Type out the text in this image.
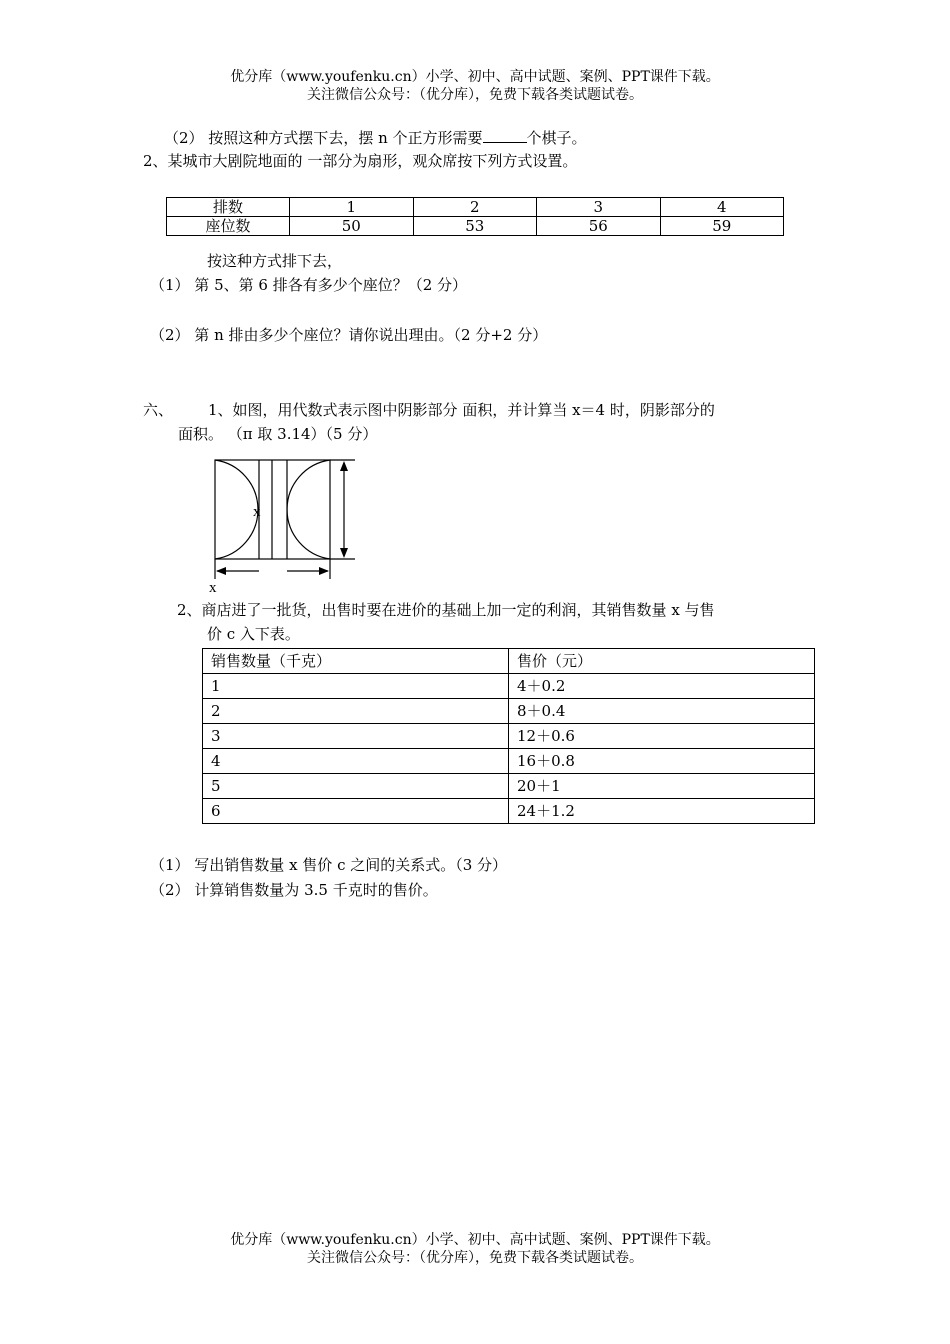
优分库（www.youfenku.cn）小学、初中、高中试题、案例、PPT课件下载。
关注微信公众号：（优分库），免费下载各类试题试卷。
（2） 按照这种方式摆下去，摆 n 个正方形需要	个棋子。
2、某城市大剧院地面的 一部分为扇形，观众席按下列方式设置。
排数	1	2	3	4
座位数	50	53	56	59
按这种方式排下去，
（1） 第 5、第 6 排各有多少个座位？（2 分）
（2） 第 n 排由多少个座位？请你说出理由。（2 分+2 分）
六、 1、如图，用代数式表示图中阴影部分 面积，并计算当 x＝4 时，阴影部分的
面积。 （π 取 3.14）（5 分）
x
x
2、商店进了一批货，出售时要在进价的基础上加一定的利润，其销售数量 x 与售
价 c 入下表。
销售数量（千克）	售价（元）
1	4＋0.2
2	8＋0.4
3	12＋0.6
4	16＋0.8
5	20＋1
6	24＋1.2
（1） 写出销售数量 x 售价 c 之间的关系式。（3 分）
（2） 计算销售数量为 3.5 千克时的售价。
优分库（www.youfenku.cn）小学、初中、高中试题、案例、PPT课件下载。
关注微信公众号：（优分库），免费下载各类试题试卷。
